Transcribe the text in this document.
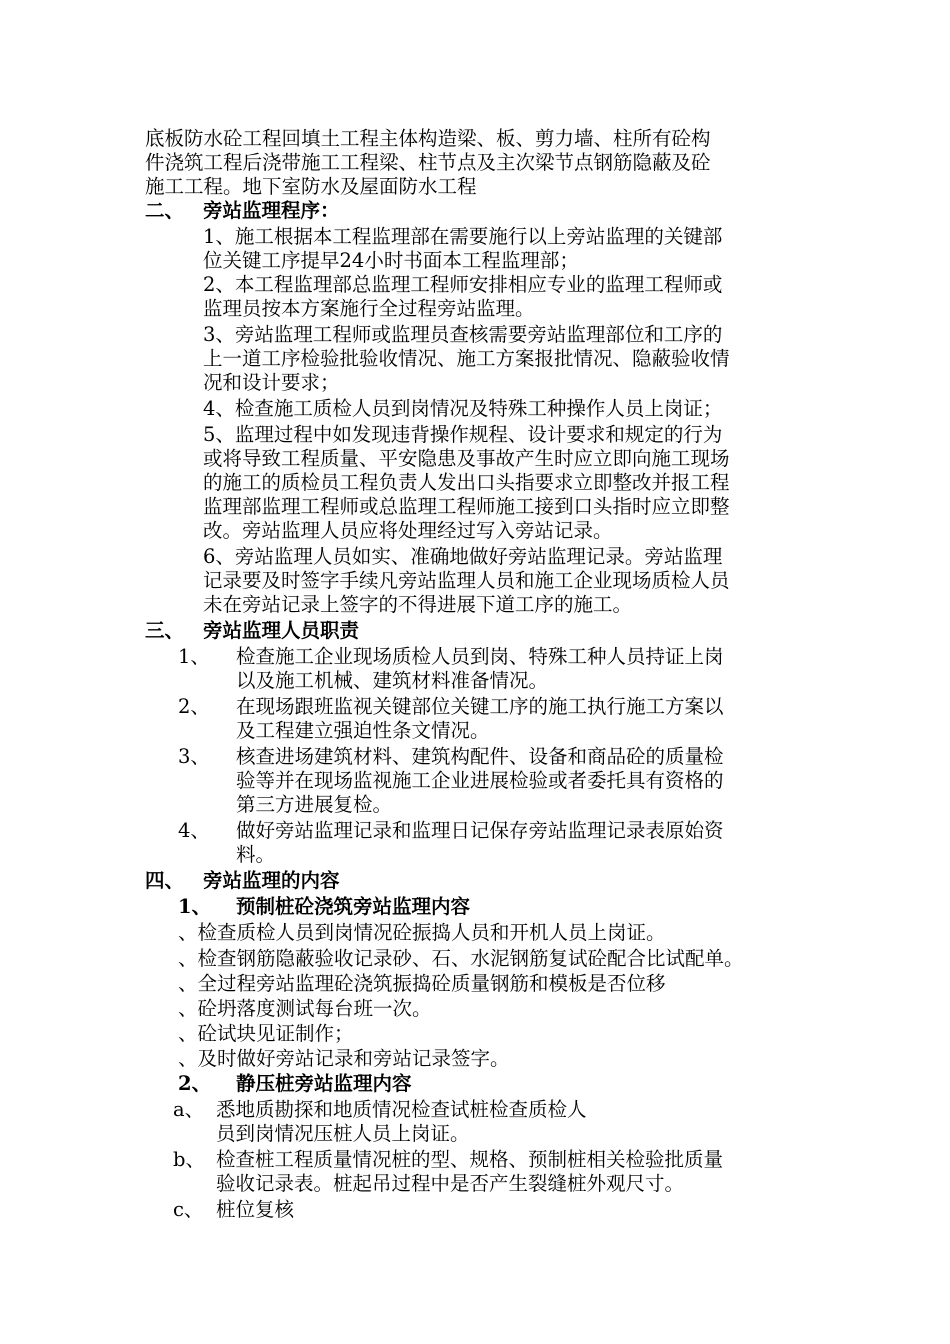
底板防水砼工程回填土工程主体构造梁、板、剪力墙、柱所有砼构
件浇筑工程后浇带施工工程梁、柱节点及主次梁节点钢筋隐蔽及砼
施工工程。地下室防水及屋面防水工程
二、 旁站监理程序：
1、施工根据本工程监理部在需要施行以上旁站监理的关键部
位关键工序提早24小时书面本工程监理部；
2、本工程监理部总监理工程师安排相应专业的监理工程师或
监理员按本方案施行全过程旁站监理。
3、旁站监理工程师或监理员查核需要旁站监理部位和工序的
上一道工序检验批验收情况、施工方案报批情况、隐蔽验收情
况和设计要求；
4、检查施工质检人员到岗情况及特殊工种操作人员上岗证；
5、监理过程中如发现违背操作规程、设计要求和规定的行为
或将导致工程质量、平安隐患及事故产生时应立即向施工现场
的施工的质检员工程负责人发出口头指要求立即整改并报工程
监理部监理工程师或总监理工程师施工接到口头指时应立即整
改。旁站监理人员应将处理经过写入旁站记录。
6、旁站监理人员如实、准确地做好旁站监理记录。旁站监理
记录要及时签字手续凡旁站监理人员和施工企业现场质检人员
未在旁站记录上签字的不得进展下道工序的施工。
三、 旁站监理人员职责
1、 检查施工企业现场质检人员到岗、特殊工种人员持证上岗
以及施工机械、建筑材料准备情况。
2、 在现场跟班监视关键部位关键工序的施工执行施工方案以
及工程建立强迫性条文情况。
3、 核查进场建筑材料、建筑构配件、设备和商品砼的质量检
验等并在现场监视施工企业进展检验或者委托具有资格的
第三方进展复检。
4、 做好旁站监理记录和监理日记保存旁站监理记录表原始资
料。
四、 旁站监理的内容
1、 预制桩砼浇筑旁站监理内容
、检查质检人员到岗情况砼振捣人员和开机人员上岗证。
、检查钢筋隐蔽验收记录砂、石、水泥钢筋复试砼配合比试配单。
、全过程旁站监理砼浇筑振捣砼质量钢筋和模板是否位移
、砼坍落度测试每台班一次。
、砼试块见证制作；
、及时做好旁站记录和旁站记录签字。
2、 静压桩旁站监理内容
a、 悉地质勘探和地质情况检查试桩检查质检人
员到岗情况压桩人员上岗证。
b、 检查桩工程质量情况桩的型、规格、预制桩相关检验批质量
验收记录表。桩起吊过程中是否产生裂缝桩外观尺寸。
c、 桩位复核
